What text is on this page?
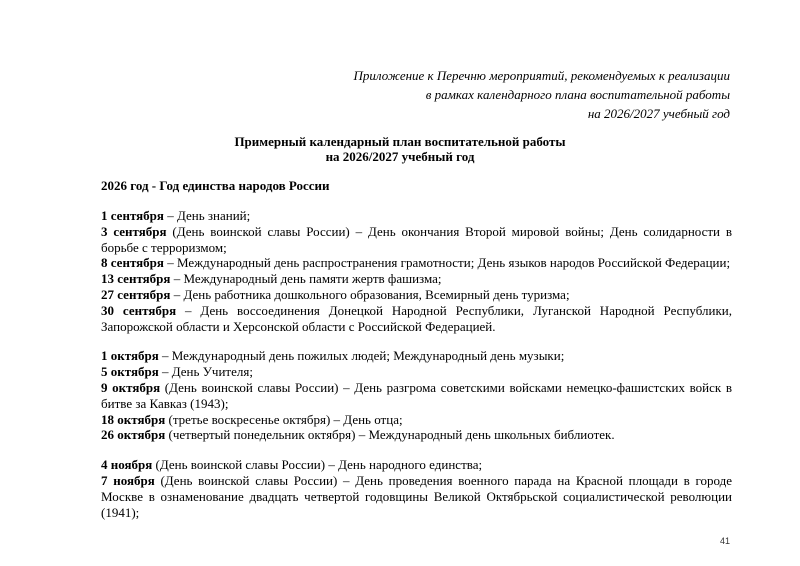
Приложение к Перечню мероприятий, рекомендуемых к реализации
в рамках календарного плана воспитательной работы
на 2026/2027 учебный год
Примерный календарный план воспитательной работы
на 2026/2027 учебный год
2026 год - Год единства народов России

1 сентября – День знаний;

3 сентября (День воинской славы России) – День окончания Второй мировой войны; День солидарности в борьбе с терроризмом;

8 сентября – Международный день распространения грамотности; День языков народов Российской Федерации;

13 сентября – Международный день памяти жертв фашизма;

27 сентября – День работника дошкольного образования, Всемирный день туризма;

30 сентября – День воссоединения Донецкой Народной Республики, Луганской Народной Республики, Запорожской области и Херсонской области с Российской Федерацией.

1 октября – Международный день пожилых людей; Международный день музыки;

5 октября – День Учителя;

9 октября (День воинской славы России) – День разгрома советскими войсками немецко-фашистских войск в битве за Кавказ (1943);

18 октября (третье воскресенье октября) – День отца;

26 октября (четвертый понедельник октября) – Международный день школьных библиотек.

4 ноября (День воинской славы России) – День народного единства;

7 ноября (День воинской славы России) – День проведения военного парада на Красной площади в городе Москве в ознаменование двадцать четвертой годовщины Великой Октябрьской социалистической революции (1941);

41
